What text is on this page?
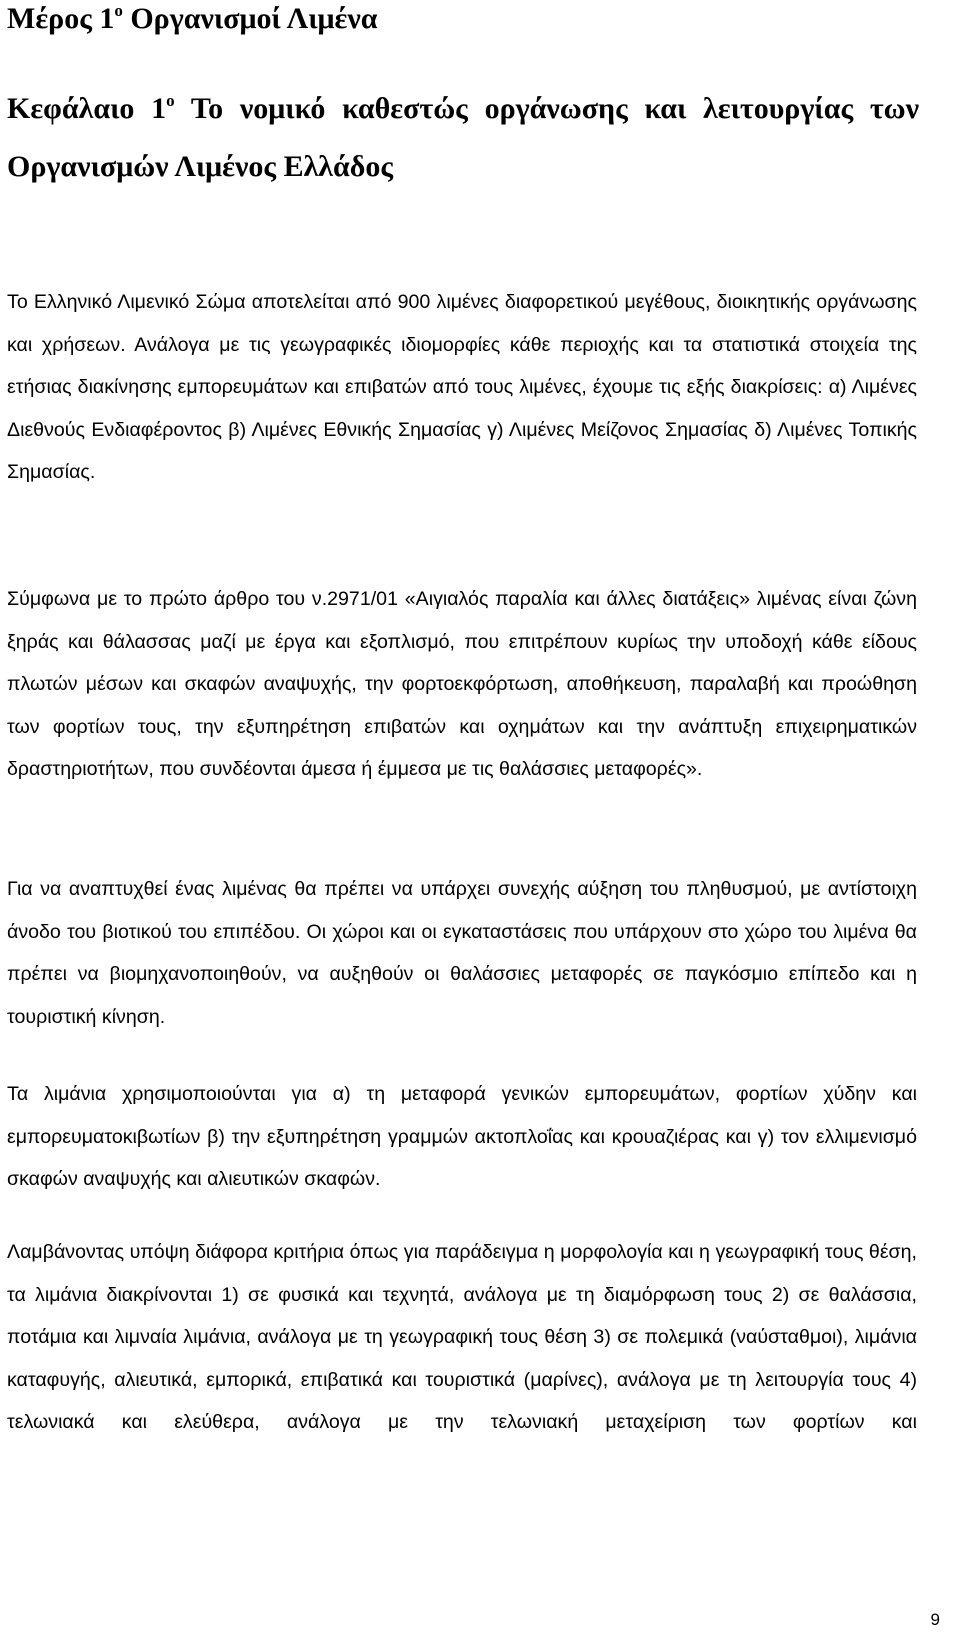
Μέρος $1^o$ Οργανισμοί Λιμένα
Κεφάλαιο $1^o$ Το νομικό καθεστώς οργάνωσης και λειτουργίας των Οργανισμών Λιμένος Ελλάδος

Το Ελληνικό Λιμενικό Σώμα αποτελείται από 900 λιμένες διαφορετικού μεγέθους, διοικητικής οργάνωσης και χρήσεων. Ανάλογα με τις γεωγραφικές ιδιομορφίες κάθε περιοχής και τα στατιστικά στοιχεία της ετήσιας διακίνησης εμπορευμάτων και επιβατών από τους λιμένες, έχουμε τις εξής διακρίσεις: α) Λιμένες Διεθνούς Ενδιαφέροντος β) Λιμένες Εθνικής Σημασίας γ) Λιμένες Μείζονος Σημασίας δ) Λιμένες Τοπικής Σημασίας.

Σύμφωνα με το πρώτο άρθρο του ν.2971/01 «Αιγιαλός παραλία και άλλες διατάξεις» λιμένας είναι ζώνη ξηράς και θάλασσας μαζί με έργα και εξοπλισμό, που επιτρέπουν κυρίως την υποδοχή κάθε είδους πλωτών μέσων και σκαφών αναψυχής, την φορτοεκφόρτωση, αποθήκευση, παραλαβή και προώθηση των φορτίων τους, την εξυπηρέτηση επιβατών και οχημάτων και την ανάπτυξη επιχειρηματικών δραστηριοτήτων, που συνδέονται άμεσα ή έμμεσα με τις θαλάσσιες μεταφορές».

Για να αναπτυχθεί ένας λιμένας θα πρέπει να υπάρχει συνεχής αύξηση του πληθυσμού, με αντίστοιχη άνοδο του βιοτικού του επιπέδου. Οι χώροι και οι εγκαταστάσεις που υπάρχουν στο χώρο του λιμένα θα πρέπει να βιομηχανοποιηθούν, να αυξηθούν οι θαλάσσιες μεταφορές σε παγκόσμιο επίπεδο και η τουριστική κίνηση.

Τα λιμάνια χρησιμοποιούνται για α) τη μεταφορά γενικών εμπορευμάτων, φορτίων χύδην και εμπορευματοκιβωτίων β) την εξυπηρέτηση γραμμών ακτοπλοΐας και κρουαζιέρας και γ) τον ελλιμενισμό σκαφών αναψυχής και αλιευτικών σκαφών.

Λαμβάνοντας υπόψη διάφορα κριτήρια όπως για παράδειγμα η μορφολογία και η γεωγραφική τους θέση, τα λιμάνια διακρίνονται 1) σε φυσικά και τεχνητά, ανάλογα με τη διαμόρφωση τους 2) σε θαλάσσια, ποτάμια και λιμναία λιμάνια, ανάλογα με τη γεωγραφική τους θέση 3) σε πολεμικά (ναύσταθμοι), λιμάνια καταφυγής, αλιευτικά, εμπορικά, επιβατικά και τουριστικά (μαρίνες), ανάλογα με τη λειτουργία τους 4) τελωνιακά και ελεύθερα, ανάλογα με την τελωνιακή μεταχείριση των φορτίων και

9
